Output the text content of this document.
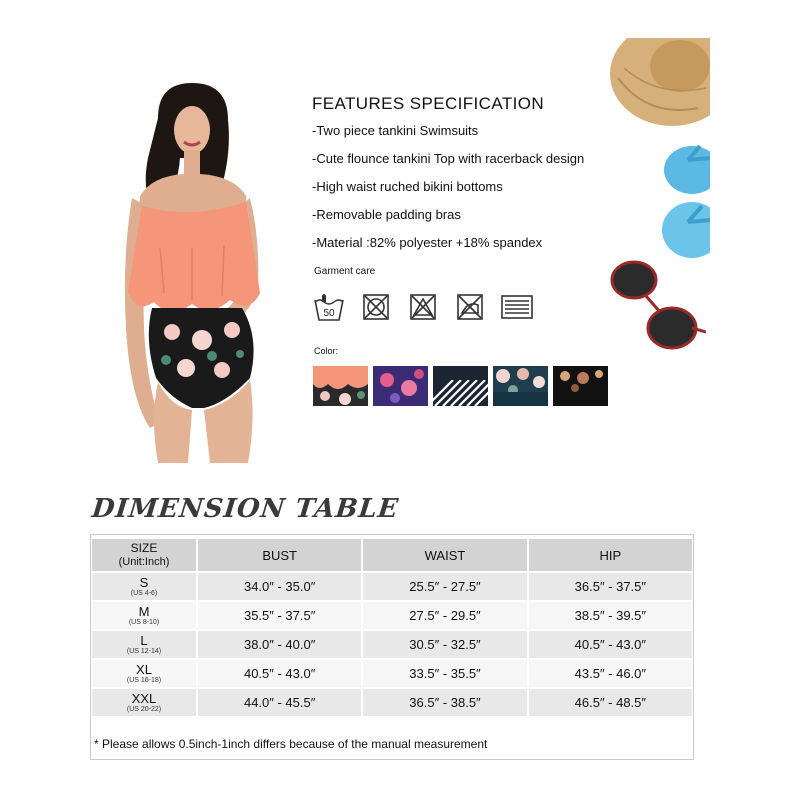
FEATURES SPECIFICATION
-Two piece tankini Swimsuits
-Cute flounce tankini Top with racerback design
-High waist ruched bikini bottoms
-Removable padding bras
-Material :82% polyester +18% spandex
Garment care
50
Color:
DIMENSION TABLE
SIZE
(Unit:Inch)	BUST	WAIST	HIP

S
(US 4-6)	34.0″ - 35.0″	25.5″ - 27.5″	36.5″ - 37.5″

M
(US 8-10)	35.5″ - 37.5″	27.5″ - 29.5″	38.5″ - 39.5″

L
(US 12-14)	38.0″ - 40.0″	30.5″ - 32.5″	40.5″ - 43.0″

XL
(US 16-18)	40.5″ - 43.0″	33.5″ - 35.5″	43.5″ - 46.0″

XXL
(US 20-22)	44.0″ - 45.5″	36.5″ - 38.5″	46.5″ - 48.5″
* Please allows 0.5inch-1inch differs because of the manual measurement
